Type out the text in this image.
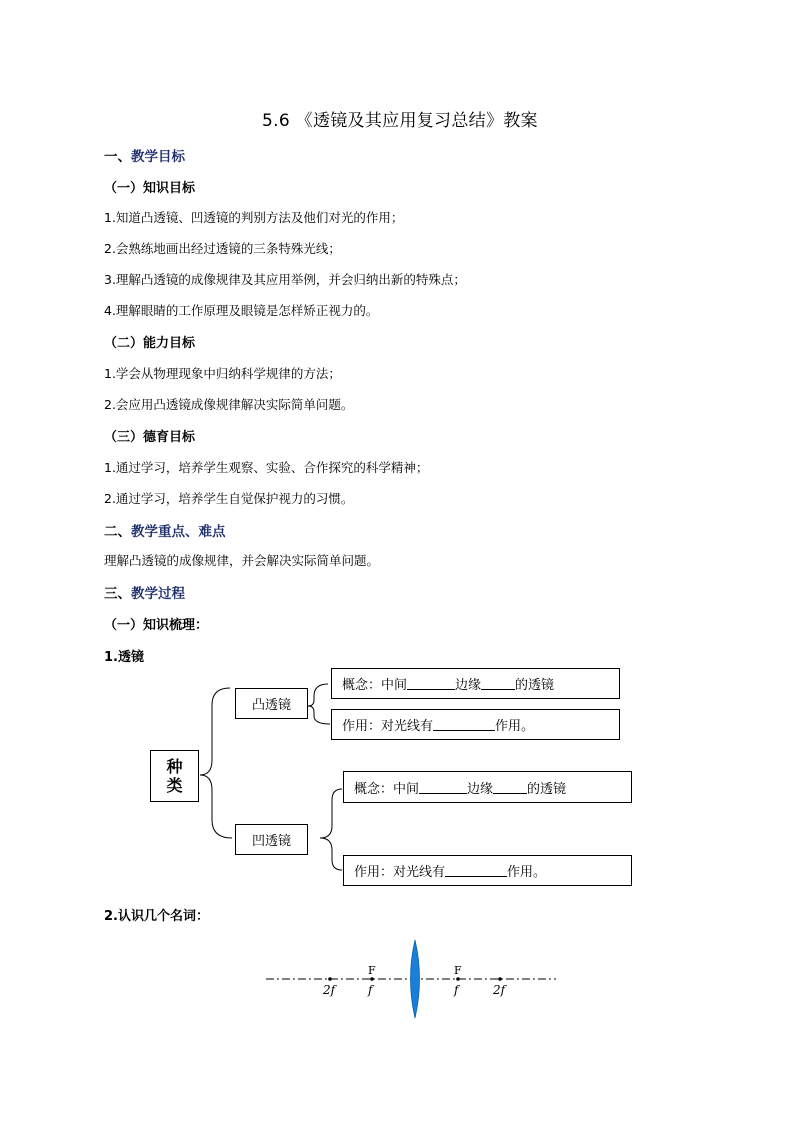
5.6 《透镜及其应用复习总结》教案
一、教学目标
（一）知识目标
1.知道凸透镜、凹透镜的判别方法及他们对光的作用；
2.会熟练地画出经过透镜的三条特殊光线；
3.理解凸透镜的成像规律及其应用举例，并会归纳出新的特殊点；
4.理解眼睛的工作原理及眼镜是怎样矫正视力的。
（二）能力目标
1.学会从物理现象中归纳科学规律的方法；
2.会应用凸透镜成像规律解决实际简单问题。
（三）德育目标
1.通过学习，培养学生观察、实验、合作探究的科学精神；
2.通过学习，培养学生自觉保护视力的习惯。
二、教学重点、难点
理解凸透镜的成像规律，并会解决实际简单问题。
三、教学过程
（一）知识梳理：
1.透镜
种
类
凸透镜
凹透镜
概念：中间	边缘	的透镜
作用：对光线有	作用。
概念：中间	边缘	的透镜
作用：对光线有	作用。
2.认识几个名词：
F	F
2f	f	f	2f
